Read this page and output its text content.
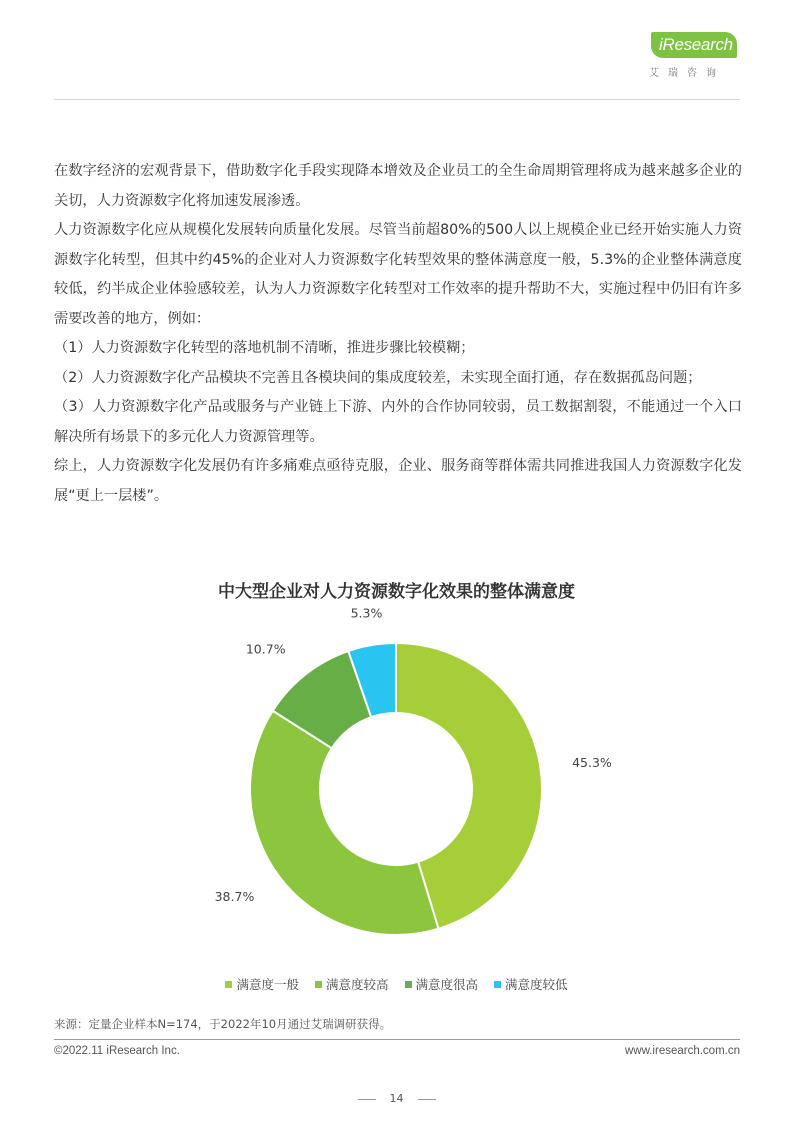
iResearch
艾瑞咨询

在数字经济的宏观背景下，借助数字化手段实现降本增效及企业员工的全生命周期管理将成为越来越多企业的关切，人力资源数字化将加速发展渗透。

人力资源数字化应从规模化发展转向质量化发展。尽管当前超80%的500人以上规模企业已经开始实施人力资源数字化转型，但其中约45%的企业对人力资源数字化转型效果的整体满意度一般，5.3%的企业整体满意度较低，约半成企业体验感较差，认为人力资源数字化转型对工作效率的提升帮助不大，实施过程中仍旧有许多需要改善的地方，例如：

（1）人力资源数字化转型的落地机制不清晰，推进步骤比较模糊；

（2）人力资源数字化产品模块不完善且各模块间的集成度较差，未实现全面打通，存在数据孤岛问题；

（3）人力资源数字化产品或服务与产业链上下游、内外的合作协同较弱，员工数据割裂，不能通过一个入口解决所有场景下的多元化人力资源管理等。

综上，人力资源数字化发展仍有许多痛难点亟待克服，企业、服务商等群体需共同推进我国人力资源数字化发展“更上一层楼”。

中大型企业对人力资源数字化效果的整体满意度
45.3%
38.7%
10.7%
5.3%
满意度一般 满意度较高 满意度很高 满意度较低
来源：定量企业样本N=174，于2022年10月通过艾瑞调研获得。
©2022.11 iResearch Inc.	www.iresearch.com.cn
14
